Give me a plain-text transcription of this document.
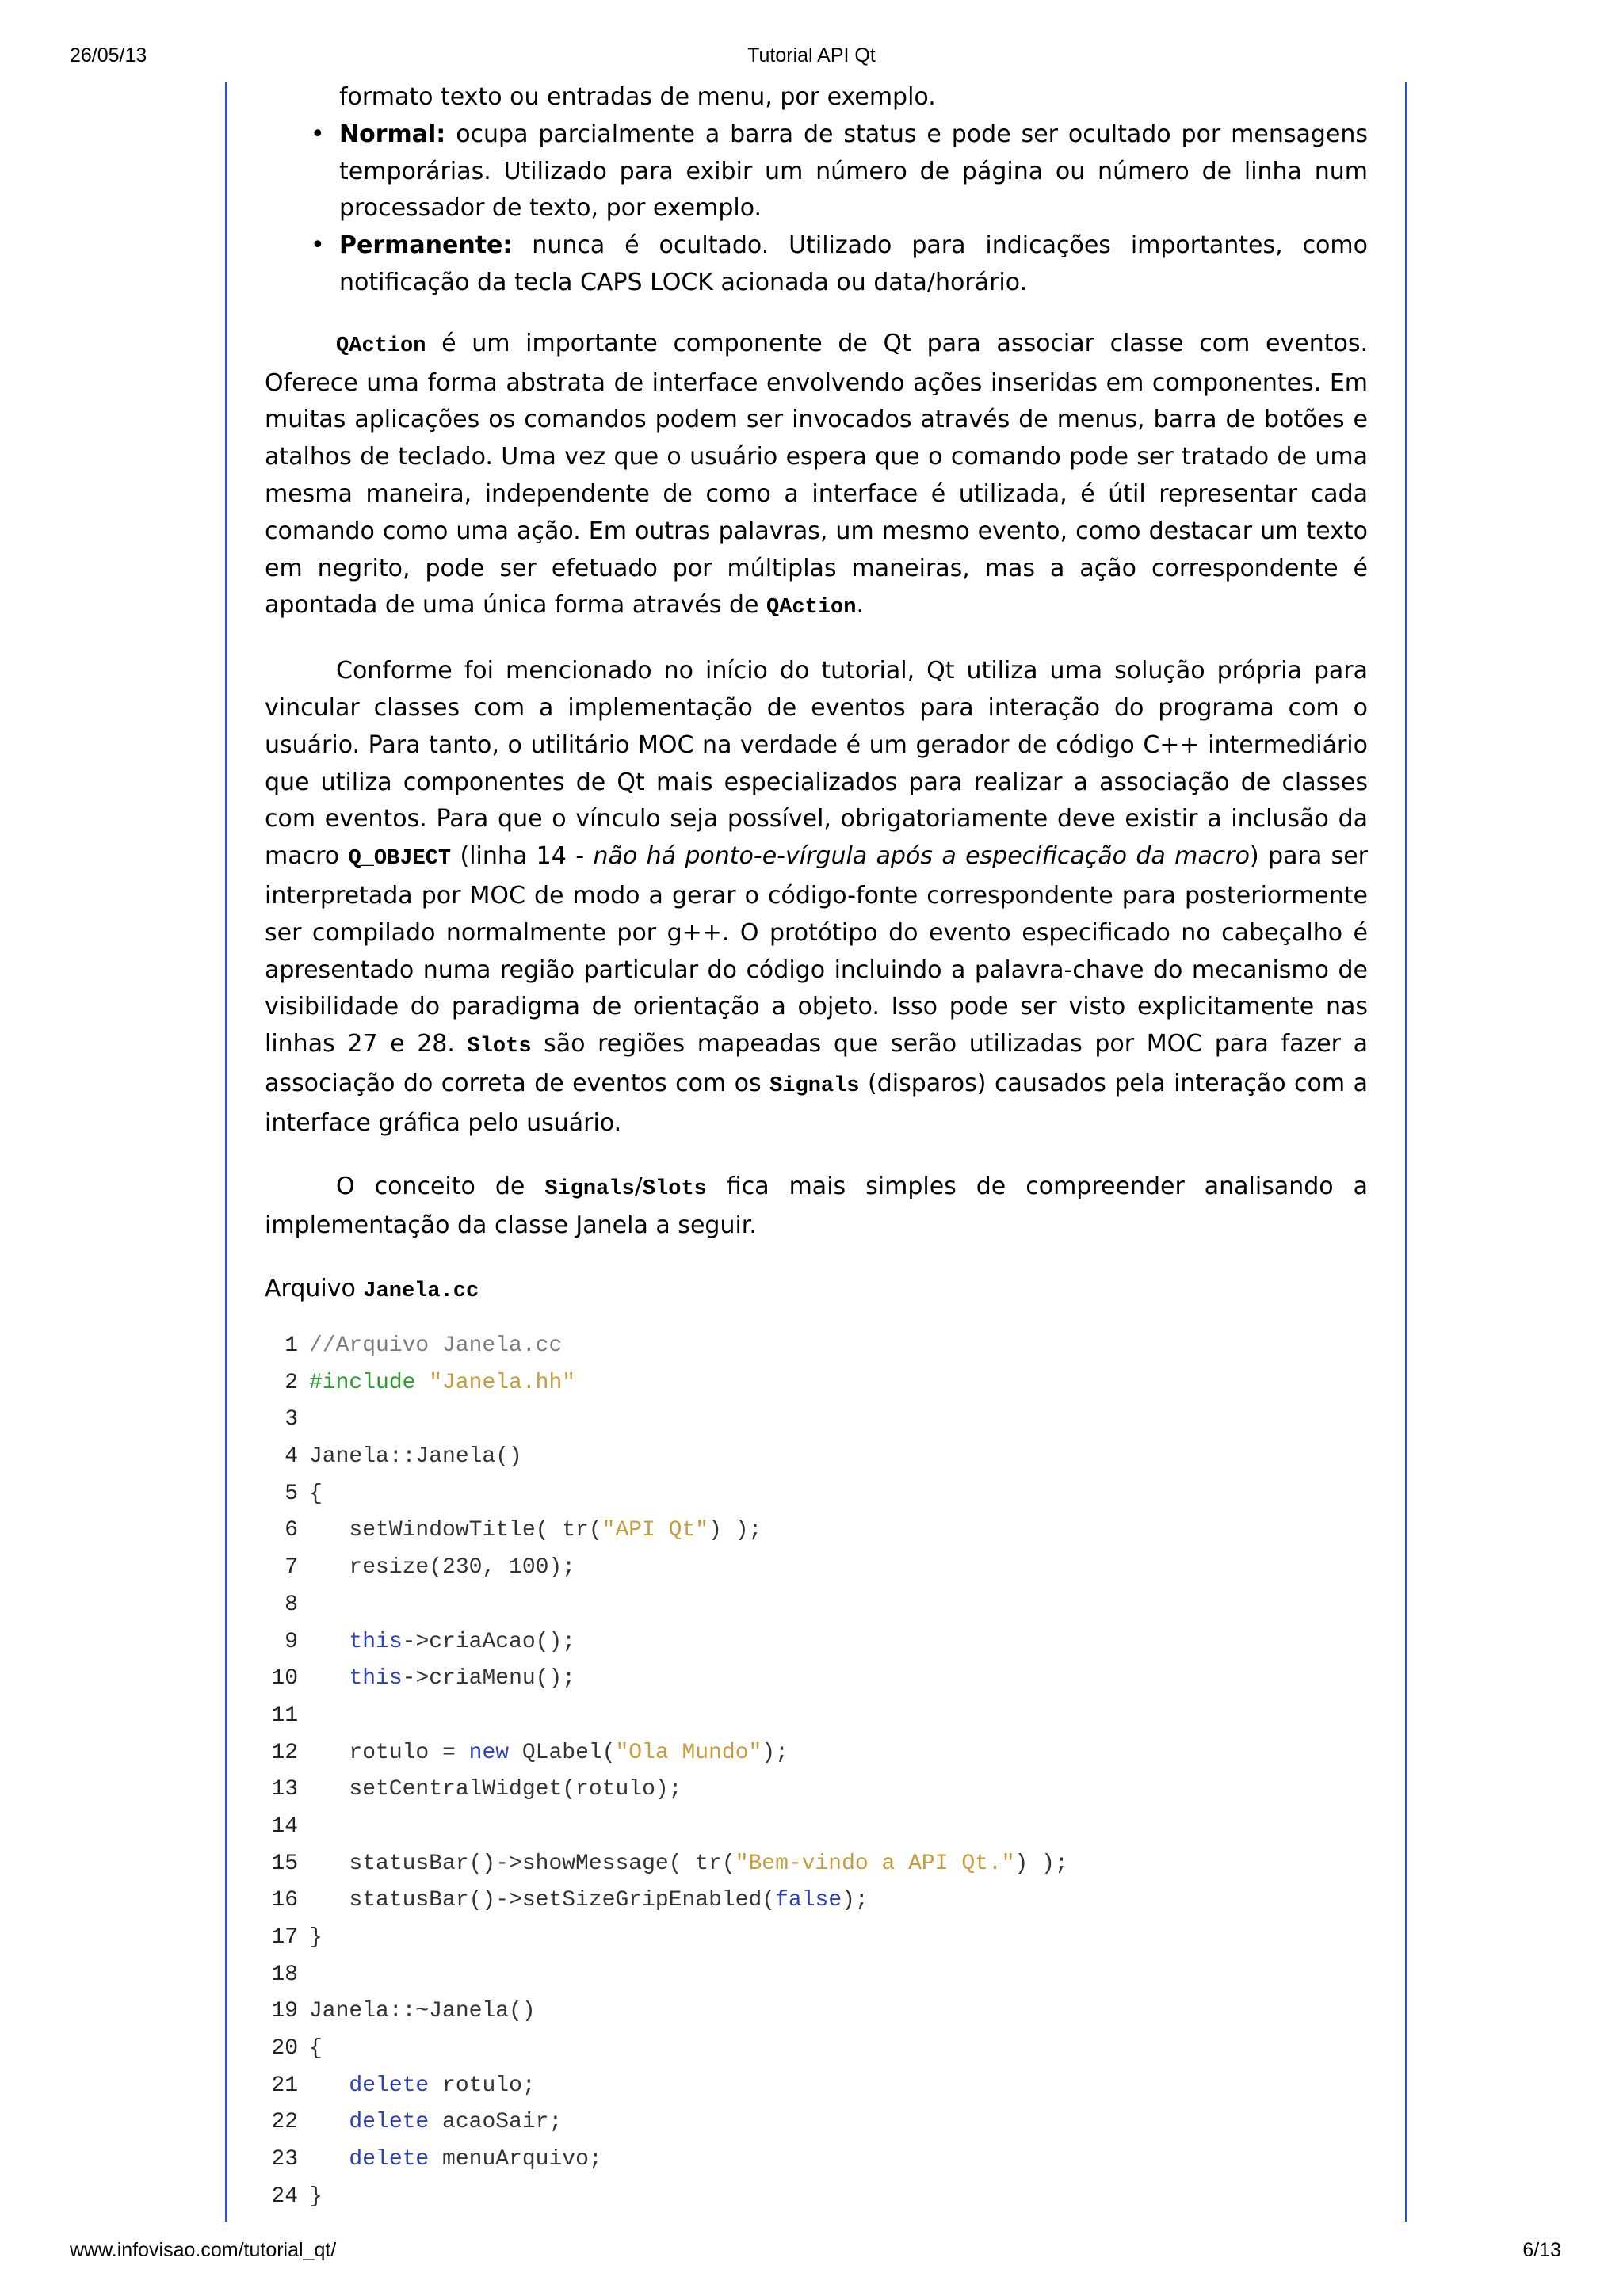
26/05/13	Tutorial API Qt
formato texto ou entradas de menu, por exemplo.
• Normal: ocupa parcialmente a barra de status e pode ser ocultado por mensagens temporárias. Utilizado para exibir um número de página ou número de linha num processador de texto, por exemplo.
• Permanente: nunca é ocultado. Utilizado para indicações importantes, como notificação da tecla CAPS LOCK acionada ou data/horário.

QAction é um importante componente de Qt para associar classe com eventos. Oferece uma forma abstrata de interface envolvendo ações inseridas em componentes. Em muitas aplicações os comandos podem ser invocados através de menus, barra de botões e atalhos de teclado. Uma vez que o usuário espera que o comando pode ser tratado de uma mesma maneira, independente de como a interface é utilizada, é útil representar cada comando como uma ação. Em outras palavras, um mesmo evento, como destacar um texto em negrito, pode ser efetuado por múltiplas maneiras, mas a ação correspondente é apontada de uma única forma através de QAction.

Conforme foi mencionado no início do tutorial, Qt utiliza uma solução própria para vincular classes com a implementação de eventos para interação do programa com o usuário. Para tanto, o utilitário MOC na verdade é um gerador de código C++ intermediário que utiliza componentes de Qt mais especializados para realizar a associação de classes com eventos. Para que o vínculo seja possível, obrigatoriamente deve existir a inclusão da macro Q_OBJECT (linha 14 - não há ponto-e-vírgula após a especificação da macro) para ser interpretada por MOC de modo a gerar o código-fonte correspondente para posteriormente ser compilado normalmente por g++. O protótipo do evento especificado no cabeçalho é apresentado numa região particular do código incluindo a palavra-chave do mecanismo de visibilidade do paradigma de orientação a objeto. Isso pode ser visto explicitamente nas linhas 27 e 28. Slots são regiões mapeadas que serão utilizadas por MOC para fazer a associação do correta de eventos com os Signals (disparos) causados pela interação com a interface gráfica pelo usuário.

O conceito de Signals/Slots fica mais simples de compreender analisando a implementação da classe Janela a seguir.

Arquivo Janela.cc
1 //Arquivo Janela.cc
2 #include "Janela.hh"
3
4 Janela::Janela()
5 {
6 setWindowTitle( tr("API Qt") );
7 resize(230, 100);
8
9	this->criaAcao();
10	this->criaMenu();
11
12 rotulo = new QLabel("Ola Mundo");
13 setCentralWidget(rotulo);
14
15 statusBar()->showMessage( tr("Bem-vindo a API Qt.") );
16 statusBar()->setSizeGripEnabled(false);
17 }
18
19 Janela::~Janela()
20 {
21	delete rotulo;
22	delete acaoSair;
23	delete menuArquivo;
24 }
www.infovisao.com/tutorial_qt/	6/13
